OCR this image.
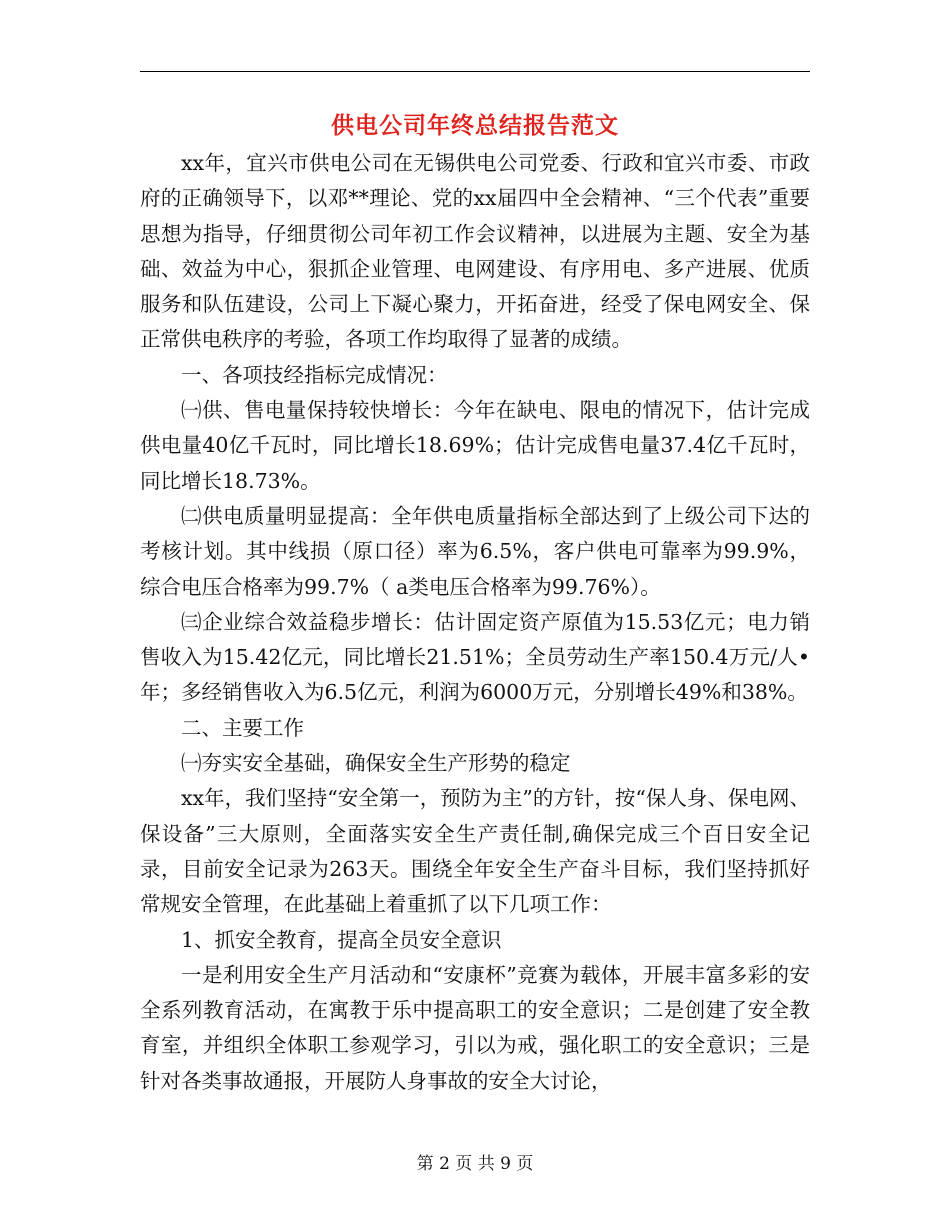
供电公司年终总结报告范文

xx年，宜兴市供电公司在无锡供电公司党委、行政和宜兴市委、市政府的正确领导下，以邓**理论、党的xx届四中全会精神、“三个代表”重要思想为指导，仔细贯彻公司年初工作会议精神，以进展为主题、安全为基础、效益为中心，狠抓企业管理、电网建设、有序用电、多产进展、优质服务和队伍建设，公司上下凝心聚力，开拓奋进，经受了保电网安全、保正常供电秩序的考验，各项工作均取得了显著的成绩。

一、各项技经指标完成情况：

㈠供、售电量保持较快增长：今年在缺电、限电的情况下，估计完成供电量40亿千瓦时，同比增长18.69%；估计完成售电量37.4亿千瓦时，同比增长18.73%。

㈡供电质量明显提高：全年供电质量指标全部达到了上级公司下达的考核计划。其中线损（原口径）率为6.5%，客户供电可靠率为99.9%，综合电压合格率为99.7%（ a类电压合格率为99.76%）。

㈢企业综合效益稳步增长：估计固定资产原值为15.53亿元；电力销售收入为15.42亿元，同比增长21.51%；全员劳动生产率150.4万元/人•年；多经销售收入为6.5亿元，利润为6000万元，分别增长49%和38%。

二、主要工作

㈠夯实安全基础，确保安全生产形势的稳定

xx年，我们坚持“安全第一，预防为主”的方针，按“保人身、保电网、保设备”三大原则，全面落实安全生产责任制,确保完成三个百日安全记录，目前安全记录为263天。围绕全年安全生产奋斗目标，我们坚持抓好常规安全管理，在此基础上着重抓了以下几项工作：

1、抓安全教育，提高全员安全意识

一是利用安全生产月活动和“安康杯”竞赛为载体，开展丰富多彩的安全系列教育活动，在寓教于乐中提高职工的安全意识；二是创建了安全教育室，并组织全体职工参观学习，引以为戒，强化职工的安全意识；三是针对各类事故通报，开展防人身事故的安全大讨论，

第 2 页 共 9 页
